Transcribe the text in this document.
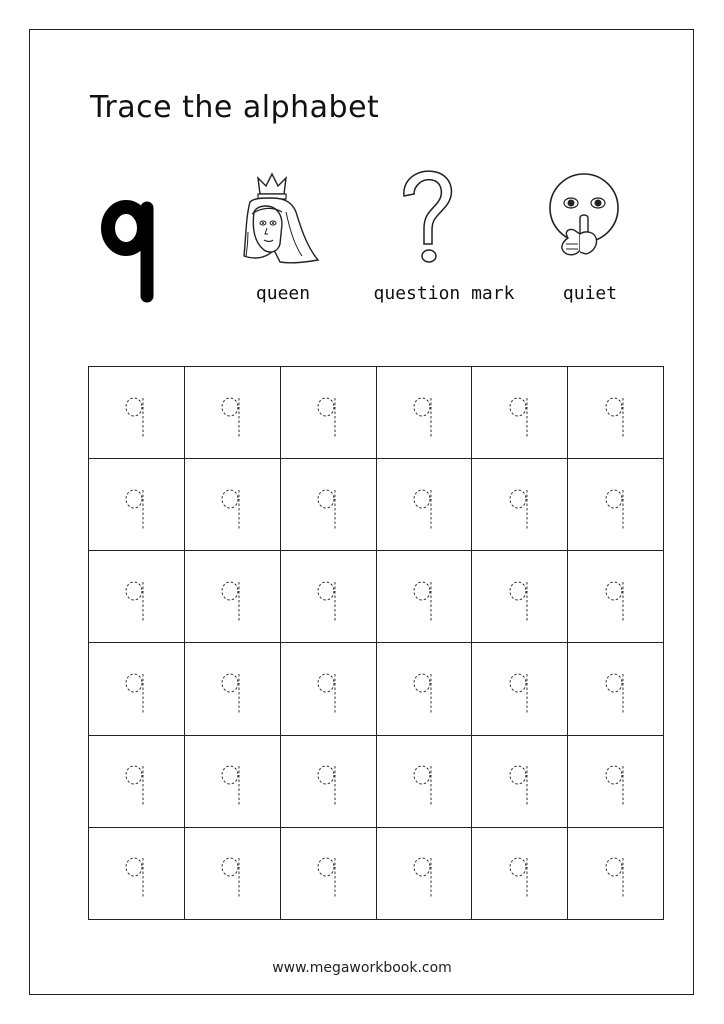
Trace the alphabet
queen	question mark	quiet
www.megaworkbook.com
